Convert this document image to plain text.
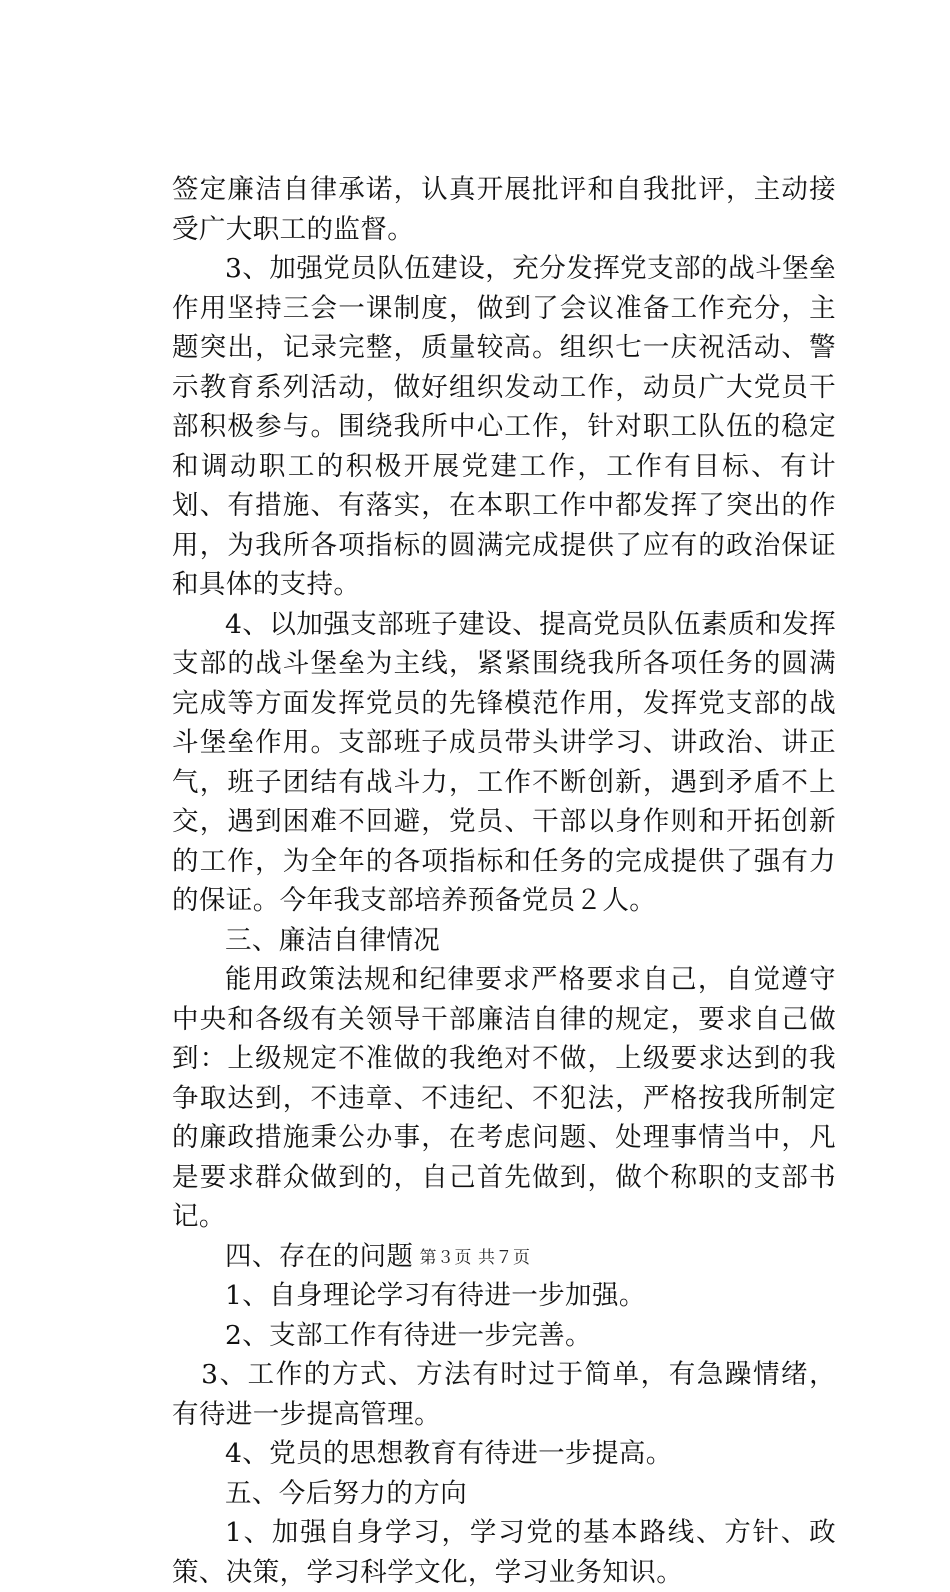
签定廉洁自律承诺，认真开展批评和自我批评，主动接受广大职工的监督。

3、加强党员队伍建设，充分发挥党支部的战斗堡垒作用坚持三会一课制度，做到了会议准备工作充分，主题突出，记录完整，质量较高。组织七一庆祝活动、警示教育系列活动，做好组织发动工作，动员广大党员干部积极参与。围绕我所中心工作，针对职工队伍的稳定和调动职工的积极开展党建工作，工作有目标、有计划、有措施、有落实，在本职工作中都发挥了突出的作用，为我所各项指标的圆满完成提供了应有的政治保证和具体的支持。

4、以加强支部班子建设、提高党员队伍素质和发挥支部的战斗堡垒为主线，紧紧围绕我所各项任务的圆满完成等方面发挥党员的先锋模范作用，发挥党支部的战斗堡垒作用。支部班子成员带头讲学习、讲政治、讲正气，班子团结有战斗力，工作不断创新，遇到矛盾不上交，遇到困难不回避，党员、干部以身作则和开拓创新的工作，为全年的各项指标和任务的完成提供了强有力的保证。今年我支部培养预备党员２人。

三、廉洁自律情况

能用政策法规和纪律要求严格要求自己，自觉遵守中央和各级有关领导干部廉洁自律的规定，要求自己做到：上级规定不准做的我绝对不做，上级要求达到的我争取达到，不违章、不违纪、不犯法，严格按我所制定的廉政措施秉公办事，在考虑问题、处理事情当中，凡是要求群众做到的，自己首先做到，做个称职的支部书记。

四、存在的问题

1、自身理论学习有待进一步加强。

2、支部工作有待进一步完善。

3、工作的方式、方法有时过于简单，有急躁情绪，有待进一步提高管理。

4、党员的思想教育有待进一步提高。

五、今后努力的方向

1、加强自身学习，学习党的基本路线、方针、政策、决策，学习科学文化，学习业务知识。

第３页 共７页
